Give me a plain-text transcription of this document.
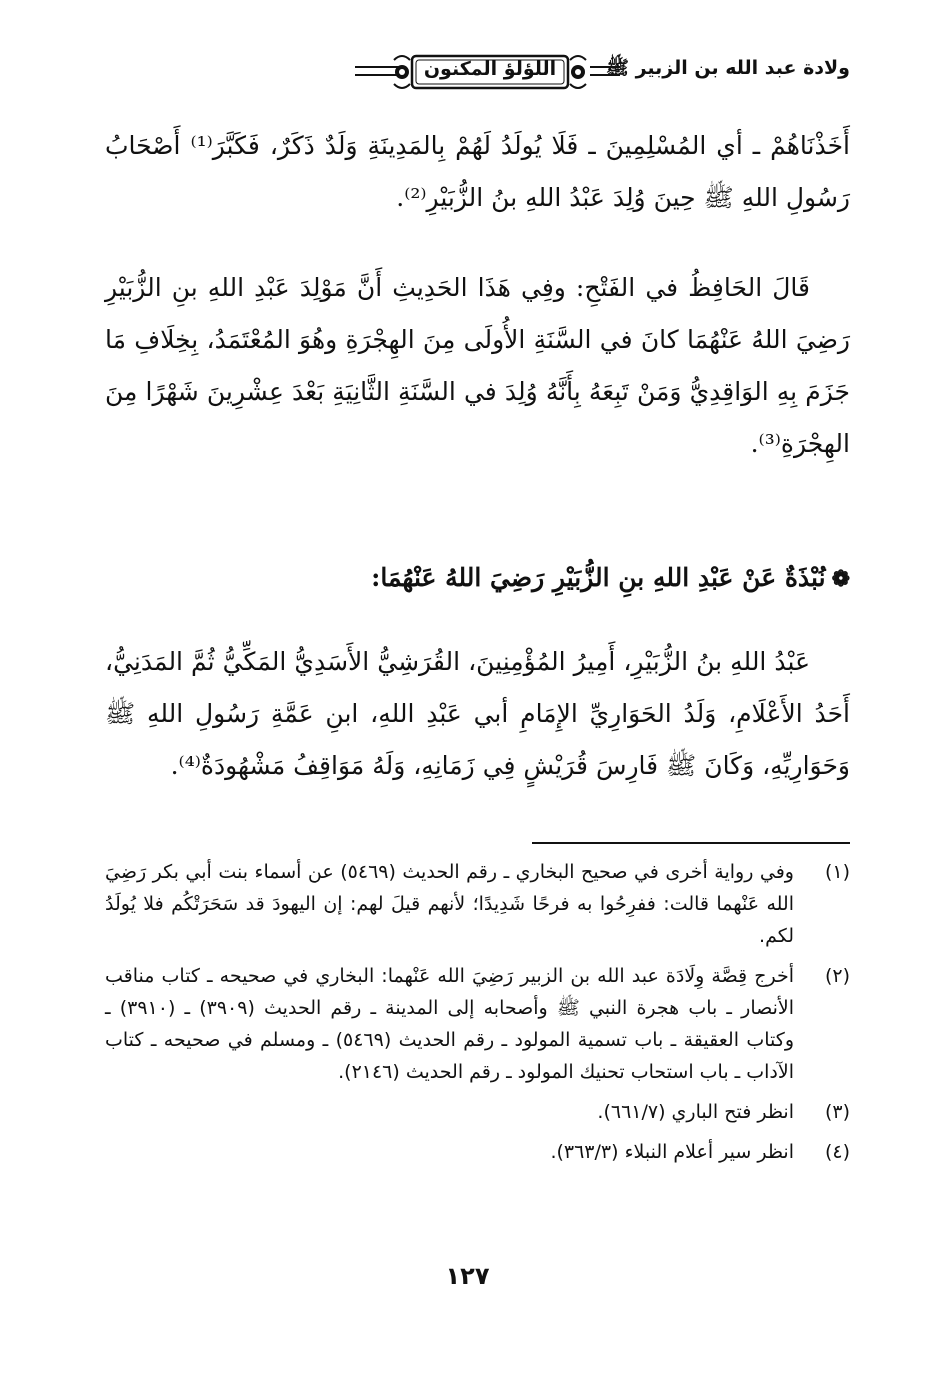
ولادة عبد الله بن الزبير ﷺ
اللؤلؤ المكنون
أَخَذْنَاهُمْ ـ أي المُسْلِمِينَ ـ فَلَا يُولَدُ لَهُمْ بِالمَدِينَةِ وَلَدٌ ذَكَرٌ، فَكَبَّرَ⁽¹⁾ أَصْحَابُ رَسُولِ اللهِ ﷺ حِينَ وُلِدَ عَبْدُ اللهِ بنُ الزُّبَيْرِ⁽²⁾.
قَالَ الحَافِظُ في الفَتْحِ: وفِي هَذَا الحَدِيثِ أَنَّ مَوْلِدَ عَبْدِ اللهِ بنِ الزُّبَيْرِ رَضِيَ اللهُ عَنْهُمَا كانَ في السَّنَةِ الأُولَى مِنَ الهِجْرَةِ وهُوَ المُعْتَمَدُ، بِخِلَافِ مَا جَزَمَ بِهِ الوَاقِدِيُّ وَمَنْ تَبِعَهُ بِأَنَّهُ وُلِدَ في السَّنَةِ الثَّانِيَةِ بَعْدَ عِشْرِينَ شَهْرًا مِنَ الهِجْرَةِ⁽³⁾.
❁نُبْذَةٌ عَنْ عَبْدِ اللهِ بنِ الزُّبَيْرِ رَضِيَ اللهُ عَنْهُمَا:
عَبْدُ اللهِ بنُ الزُّبَيْرِ، أَمِيرُ المُؤْمِنِينَ، القُرَشِيُّ الأَسَدِيُّ المَكِّيُّ ثُمَّ المَدَنِيُّ، أَحَدُ الأَعْلَامِ، وَلَدُ الحَوَارِيِّ الإِمَامِ أبي عَبْدِ اللهِ، ابنِ عَمَّةِ رَسُولِ اللهِ ﷺ وَحَوَارِيِّهِ، وَكَانَ ﷺ فَارِسَ قُرَيْشٍ فِي زَمَانِهِ، وَلَهُ مَوَاقِفُ مَشْهُودَةٌ⁽⁴⁾.
(١)
وفي رواية أخرى في صحيح البخاري ـ رقم الحديث (٥٤٦٩) عن أسماء بنت أبي بكر رَضِيَ الله عَنْهما قالت: ففرِحُوا به فرحًا شَدِيدًا؛ لأنهم قيلَ لهم: إن اليهودَ قد سَحَرَتْكُم فلا يُولَدُ لكم.
(٢)
أخرج قِصَّة وِلَادَة عبد الله بن الزبير رَضِيَ الله عَنْهما: البخاري في صحيحه ـ كتاب مناقب الأنصار ـ باب هجرة النبي ﷺ وأصحابه إلى المدينة ـ رقم الحديث (٣٩٠٩) ـ (٣٩١٠) ـ وكتاب العقيقة ـ باب تسمية المولود ـ رقم الحديث (٥٤٦٩) ـ ومسلم في صحيحه ـ كتاب الآداب ـ باب استحاب تحنيك المولود ـ رقم الحديث (٢١٤٦).
(٣)
انظر فتح الباري (٦٦١/٧).
(٤)
انظر سير أعلام النبلاء (٣٦٣/٣).
١٢٧
